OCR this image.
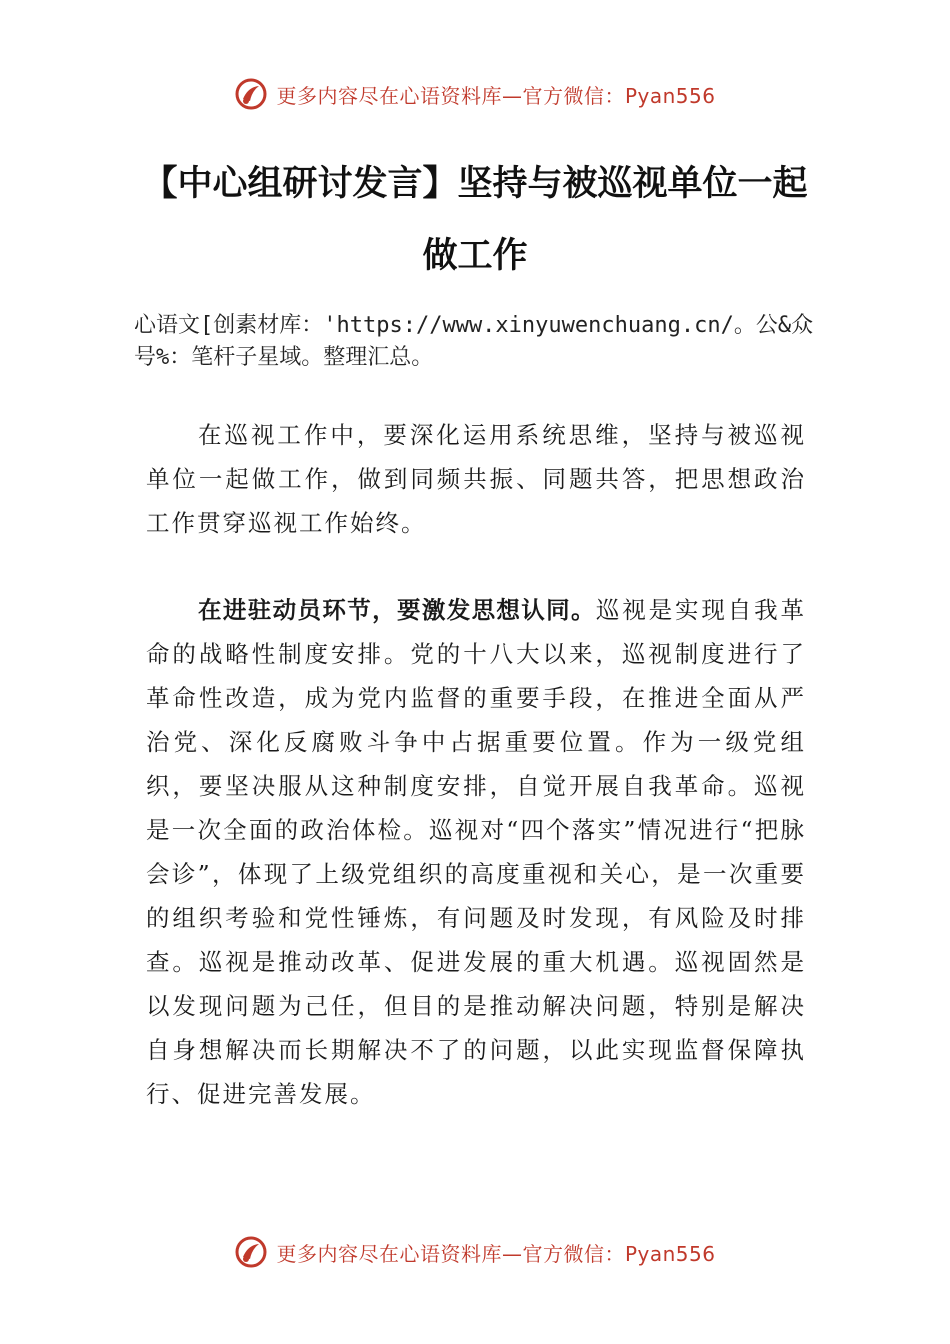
更多内容尽在心语资料库—官方微信：Pyan556
【中心组研讨发言】坚持与被巡视单位一起
做工作

心语文[创素材库：'https://www.xinyuwenchuang.cn/。公&众号%：笔杆子星域。整理汇总。

在巡视工作中，要深化运用系统思维，坚持与被巡视单位一起做工作，做到同频共振、同题共答，把思想政治工作贯穿巡视工作始终。

在进驻动员环节，要激发思想认同。巡视是实现自我革命的战略性制度安排。党的十八大以来，巡视制度进行了革命性改造，成为党内监督的重要手段，在推进全面从严治党、深化反腐败斗争中占据重要位置。作为一级党组织，要坚决服从这种制度安排，自觉开展自我革命。巡视是一次全面的政治体检。巡视对“四个落实”情况进行“把脉会诊”，体现了上级党组织的高度重视和关心，是一次重要的组织考验和党性锤炼，有问题及时发现，有风险及时排查。巡视是推动改革、促进发展的重大机遇。巡视固然是以发现问题为己任，但目的是推动解决问题，特别是解决自身想解决而长期解决不了的问题，以此实现监督保障执行、促进完善发展。

更多内容尽在心语资料库—官方微信：Pyan556
